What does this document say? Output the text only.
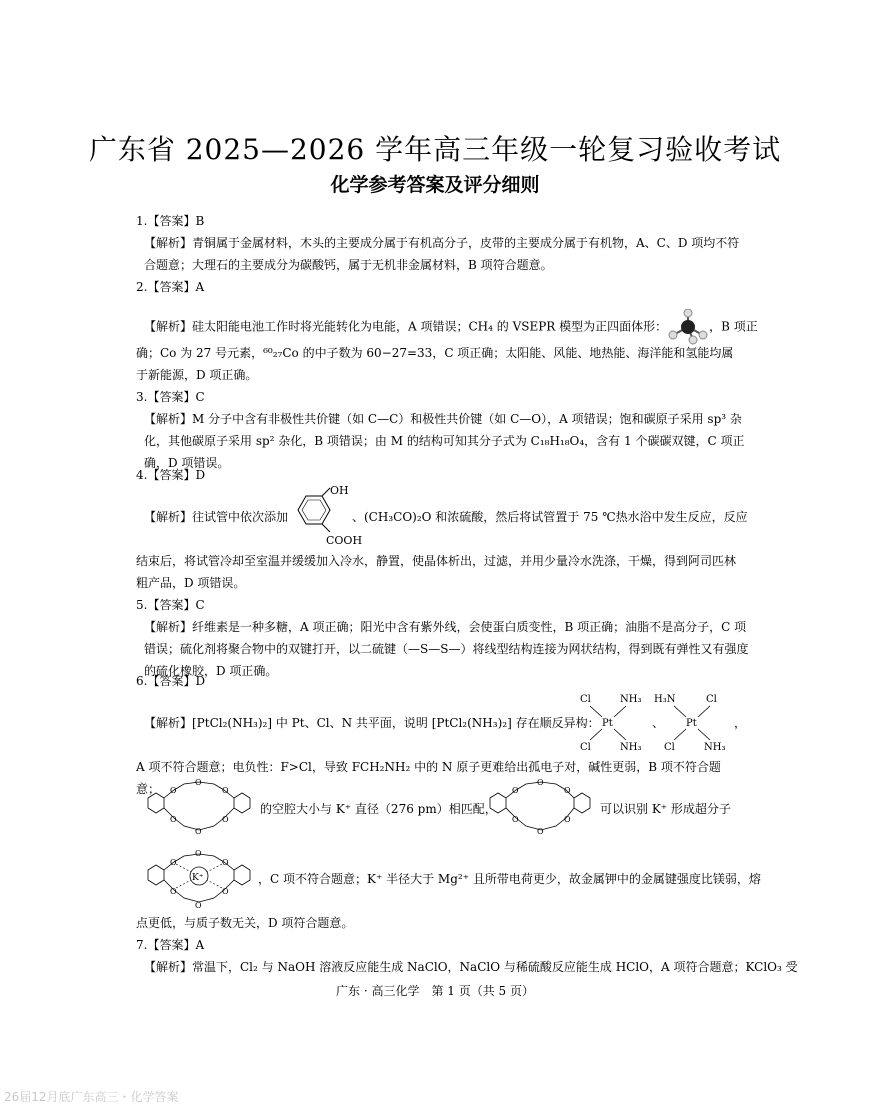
广东省 2025—2026 学年高三年级一轮复习验收考试
化学参考答案及评分细则
1.【答案】B
【解析】青铜属于金属材料，木头的主要成分属于有机高分子，皮带的主要成分属于有机物，A、C、D 项均不符合题意；大理石的主要成分为碳酸钙，属于无机非金属材料，B 项符合题意。
2.【答案】A
【解析】硅太阳能电池工作时将光能转化为电能，A 项错误；CH₄ 的 VSEPR 模型为正四面体形：	，B 项正
确；Co 为 27 号元素，⁶⁰₂₇Co 的中子数为 60−27=33，C 项正确；太阳能、风能、地热能、海洋能和氢能均属于新能源，D 项正确。
3.【答案】C
【解析】M 分子中含有非极性共价键（如 C—C）和极性共价键（如 C—O），A 项错误；饱和碳原子采用 sp³ 杂化，其他碳原子采用 sp² 杂化，B 项错误；由 M 的结构可知其分子式为 C₁₈H₁₈O₄，含有 1 个碳碳双键，C 项正确，D 项错误。
4.【答案】D
【解析】往试管中依次添加
OH
COOH
、(CH₃CO)₂O 和浓硫酸，然后将试管置于 75 ℃热水浴中发生反应，反应
结束后，将试管冷却至室温并缓缓加入冷水，静置，使晶体析出，过滤，并用少量冷水洗涤，干燥，得到阿司匹林粗产品，D 项错误。
5.【答案】C
【解析】纤维素是一种多糖，A 项正确；阳光中含有紫外线，会使蛋白质变性，B 项正确；油脂不是高分子，C 项错误；硫化剂将聚合物中的双键打开，以二硫键（—S—S—）将线型结构连接为网状结构，得到既有弹性又有强度的硫化橡胶，D 项正确。
6.【答案】D
【解析】[PtCl₂(NH₃)₂] 中 Pt、Cl、N 共平面，说明 [PtCl₂(NH₃)₂] 存在顺反异构：
Cl	NH₃
Pt
Cl	NH₃
、
H₃N	Cl
Pt
Cl	NH₃
，
A 项不符合题意；电负性：F>Cl，导致 FCH₂NH₂ 中的 N 原子更难给出孤电子对，碱性更弱，B 项不符合题意；	O
O
O
O
O
O
的空腔大小与 K⁺ 直径（276 pm）相匹配，
O
O
O
O
O
O
可以识别 K⁺ 形成超分子
K⁺
O
O
O
O
O
O
，C 项不符合题意；K⁺ 半径大于 Mg²⁺ 且所带电荷更少，故金属钾中的金属键强度比镁弱，熔
点更低，与质子数无关，D 项符合题意。
7.【答案】A
【解析】常温下，Cl₂ 与 NaOH 溶液反应能生成 NaClO，NaClO 与稀硫酸反应能生成 HClO，A 项符合题意；KClO₃ 受
广东 · 高三化学　第 1 页（共 5 页）
26届12月底广东高三・化学答案
